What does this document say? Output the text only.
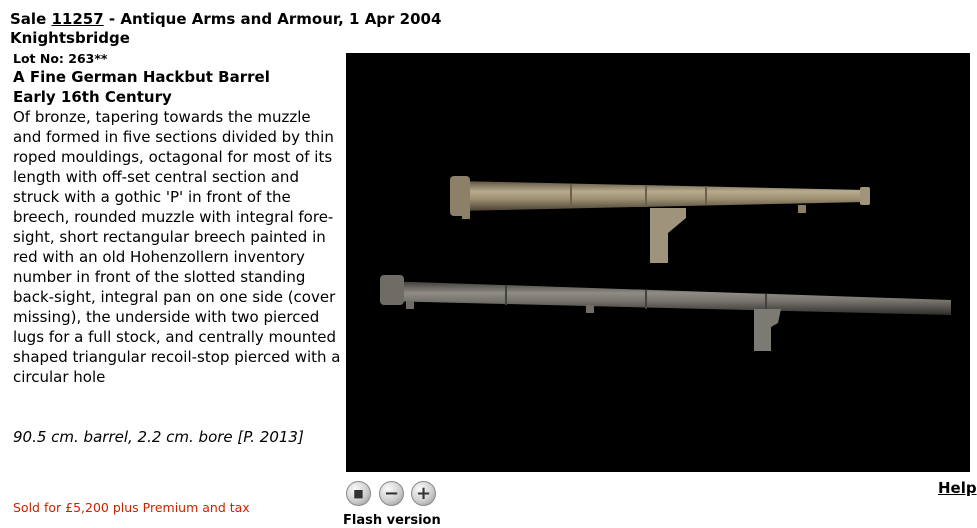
Sale 11257 - Antique Arms and Armour, 1 Apr 2004
Knightsbridge
Lot No: 263**
A Fine German Hackbut Barrel
Early 16th Century
Of bronze, tapering towards the muzzle and formed in five sections divided by thin roped mouldings, octagonal for most of its length with off-set central section and struck with a gothic 'P' in front of the breech, rounded muzzle with integral fore-sight, short rectangular breech painted in red with an old Hohenzollern inventory number in front of the slotted standing back-sight, integral pan on one side (cover missing), the underside with two pierced lugs for a full stock, and centrally mounted shaped triangular recoil-stop pierced with a circular hole
90.5 cm. barrel, 2.2 cm. bore [P. 2013]
Sold for £5,200 plus Premium and tax
■ − +	Help
Flash version
